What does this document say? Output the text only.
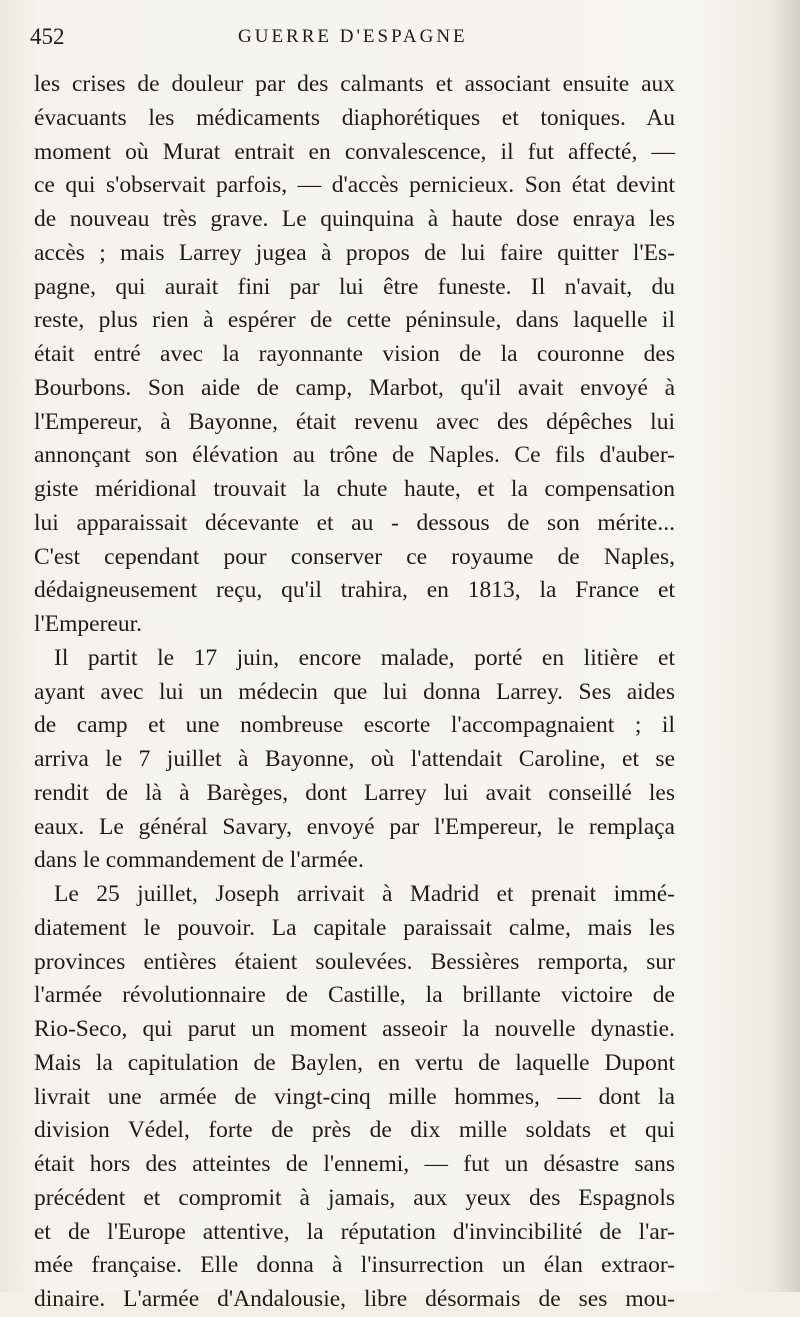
452	GUERRE D'ESPAGNE
les crises de douleur par des calmants et associant ensuite aux
évacuants les médicaments diaphorétiques et toniques. Au
moment où Murat entrait en convalescence, il fut affecté, —
ce qui s'observait parfois, — d'accès pernicieux. Son état devint
de nouveau très grave. Le quinquina à haute dose enraya les
accès ; mais Larrey jugea à propos de lui faire quitter l'Es-
pagne, qui aurait fini par lui être funeste. Il n'avait, du
reste, plus rien à espérer de cette péninsule, dans laquelle il
était entré avec la rayonnante vision de la couronne des
Bourbons. Son aide de camp, Marbot, qu'il avait envoyé à
l'Empereur, à Bayonne, était revenu avec des dépêches lui
annonçant son élévation au trône de Naples. Ce fils d'auber-
giste méridional trouvait la chute haute, et la compensation
lui apparaissait décevante et au - dessous de son mérite...
C'est cependant pour conserver ce royaume de Naples,
dédaigneusement reçu, qu'il trahira, en 1813, la France et
l'Empereur.
Il partit le 17 juin, encore malade, porté en litière et
ayant avec lui un médecin que lui donna Larrey. Ses aides
de camp et une nombreuse escorte l'accompagnaient ; il
arriva le 7 juillet à Bayonne, où l'attendait Caroline, et se
rendit de là à Barèges, dont Larrey lui avait conseillé les
eaux. Le général Savary, envoyé par l'Empereur, le remplaça
dans le commandement de l'armée.
Le 25 juillet, Joseph arrivait à Madrid et prenait immé-
diatement le pouvoir. La capitale paraissait calme, mais les
provinces entières étaient soulevées. Bessières remporta, sur
l'armée révolutionnaire de Castille, la brillante victoire de
Rio-Seco, qui parut un moment asseoir la nouvelle dynastie.
Mais la capitulation de Baylen, en vertu de laquelle Dupont
livrait une armée de vingt-cinq mille hommes, — dont la
division Védel, forte de près de dix mille soldats et qui
était hors des atteintes de l'ennemi, — fut un désastre sans
précédent et compromit à jamais, aux yeux des Espagnols
et de l'Europe attentive, la réputation d'invincibilité de l'ar-
mée française. Elle donna à l'insurrection un élan extraor-
dinaire. L'armée d'Andalousie, libre désormais de ses mou-
